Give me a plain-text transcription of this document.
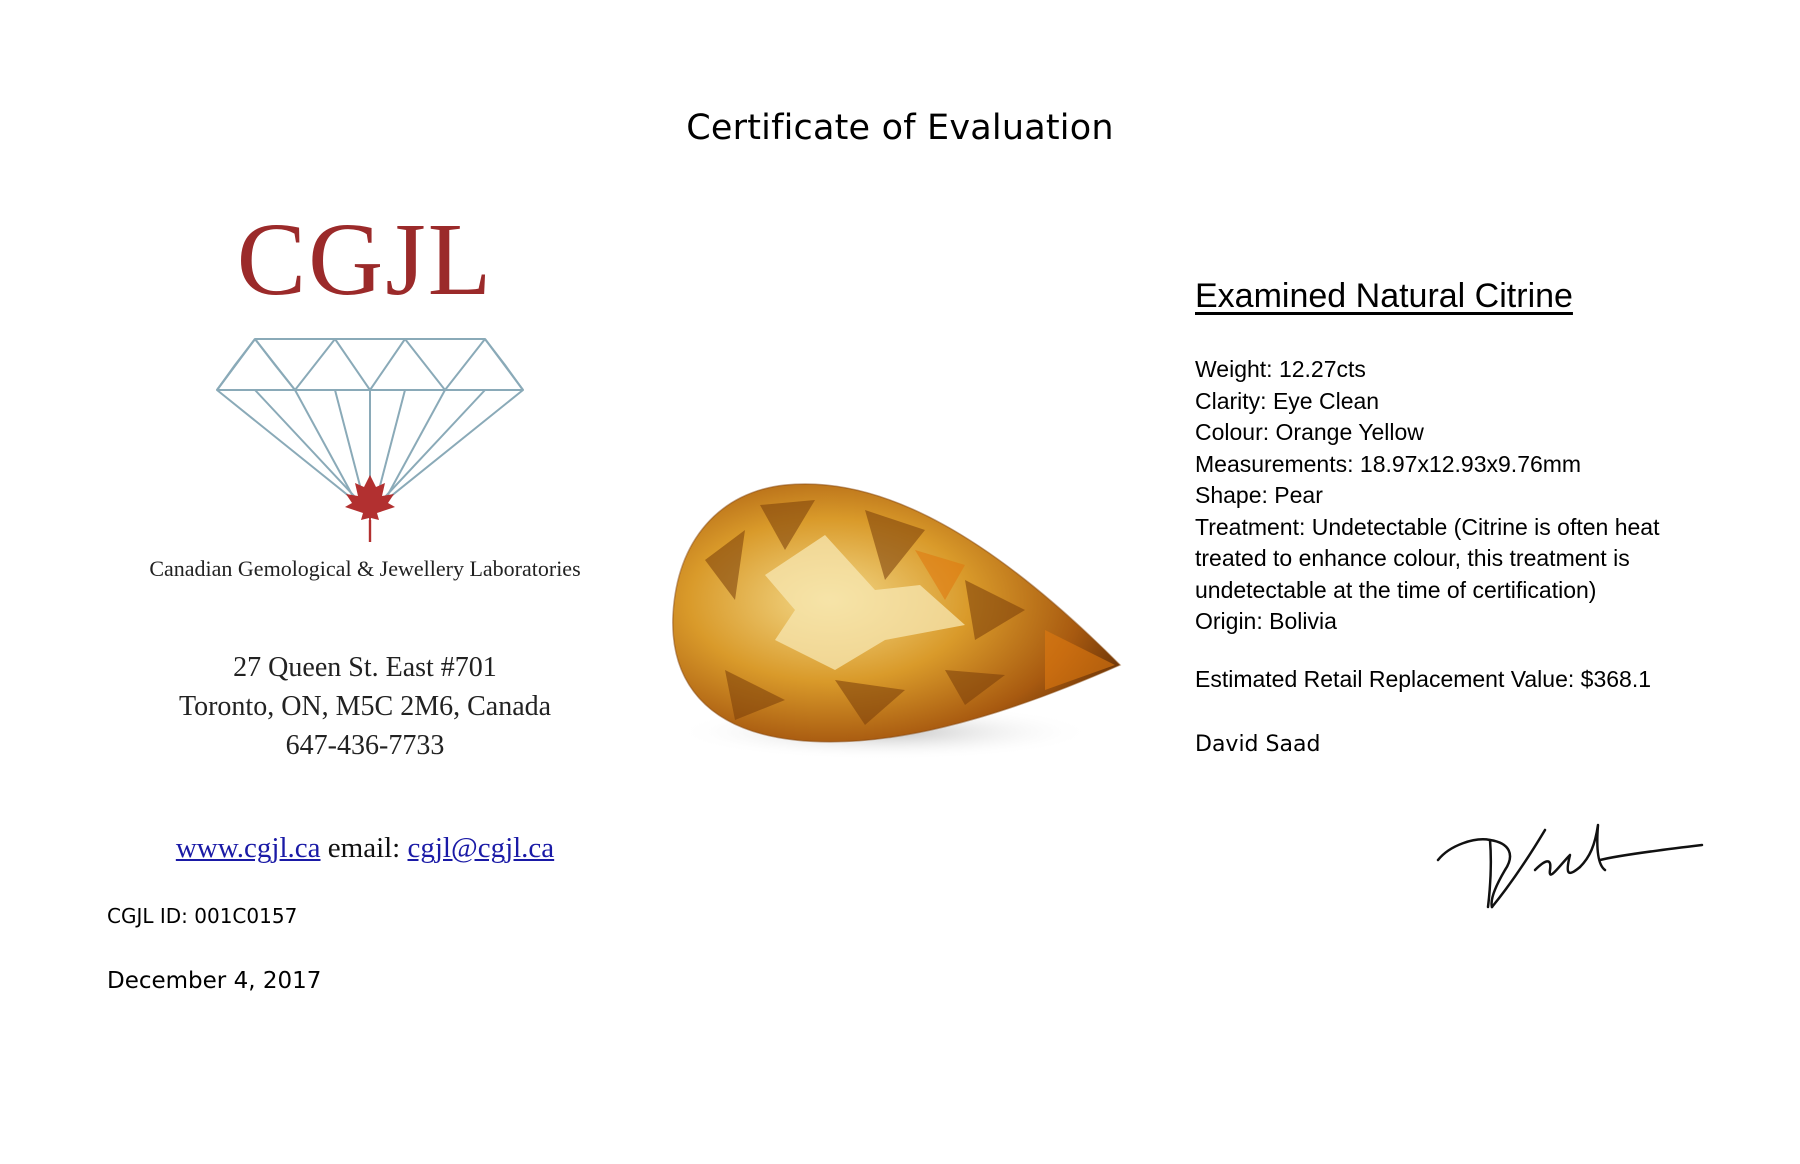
Certificate of Evaluation
CGJL
Canadian Gemological & Jewellery Laboratories
27 Queen St. East #701
Toronto, ON, M5C 2M6, Canada
647-436-7733
www.cgjl.ca email: cgjl@cgjl.ca
CGJL ID: 001C0157
December 4, 2017
Examined Natural Citrine
Weight: 12.27cts
Clarity: Eye Clean
Colour: Orange Yellow
Measurements: 18.97x12.93x9.76mm
Shape: Pear
Treatment: Undetectable (Citrine is often heat
treated to enhance colour, this treatment is
undetectable at the time of certification)
Origin: Bolivia
Estimated Retail Replacement Value: $368.1
David Saad
